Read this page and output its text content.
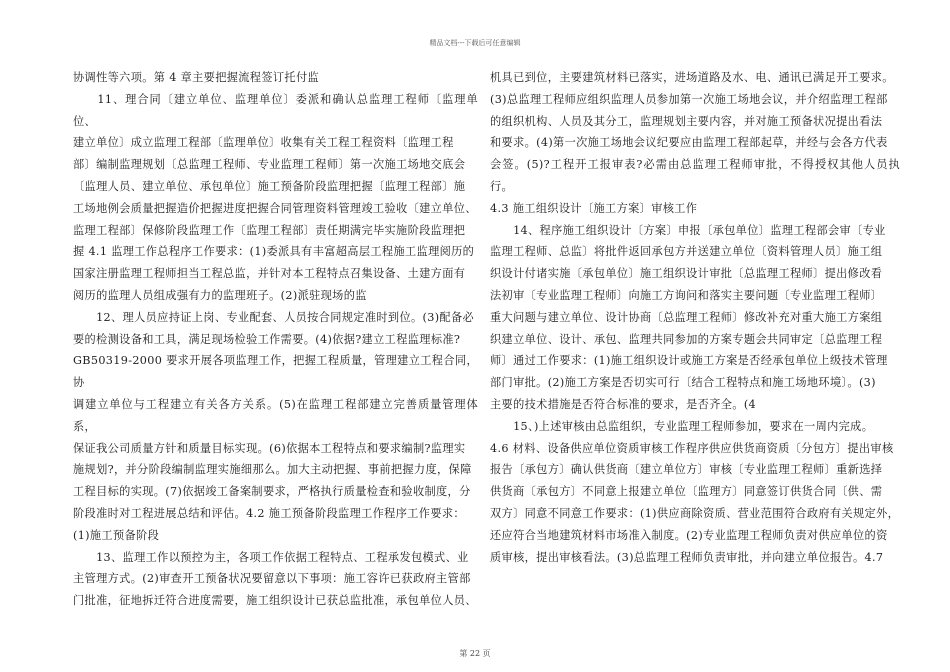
精品文档---下载后可任意编辑

协调性等六项。第 4 章主要把握流程签订托付监

　　11、理合同〔建立单位、监理单位〕委派和确认总监理工程师〔监理单位、

建立单位〕成立监理工程部〔监理单位〕收集有关工程工程资料〔监理工程

部〕编制监理规划〔总监理工程师、专业监理工程师〕第一次施工场地交底会

〔监理人员、建立单位、承包单位〕施工预备阶段监理把握〔监理工程部〕施

工场地例会质量把握造价把握进度把握合同管理资料管理竣工验收〔建立单位、

监理工程部〕保修阶段监理工作〔监理工程部〕责任期满完毕实施阶段监理把

握 4.1 监理工作总程序工作要求：(1)委派具有丰富超高层工程施工监理阅历的

国家注册监理工程师担当工程总监，并针对本工程特点召集设备、土建方面有

阅历的监理人员组成强有力的监理班子。(2)派驻现场的监

　　12、理人员应持证上岗、专业配套、人员按合同规定准时到位。(3)配备必

要的检测设备和工具，满足现场检验工作需要。(4)依据?建立工程监理标准?

GB50319-2000 要求开展各项监理工作，把握工程质量，管理建立工程合同，协

调建立单位与工程建立有关各方关系。(5)在监理工程部建立完善质量管理体系，

保证我公司质量方针和质量目标实现。(6)依据本工程特点和要求编制?监理实

施规划?，并分阶段编制监理实施细那么。加大主动把握、事前把握力度，保障

工程目标的实现。(7)依据竣工备案制要求，严格执行质量检查和验收制度，分

阶段准时对工程进展总结和评估。4.2 施工预备阶段监理工作程序工作要求：

(1)施工预备阶段

　　13、监理工作以预控为主，各项工作依据工程特点、工程承发包模式、业

主管理方式。(2)审查开工预备状况要留意以下事项：施工容许已获政府主管部

门批准，征地拆迁符合进度需要，施工组织设计已获总监批准，承包单位人员、

机具已到位，主要建筑材料已落实，进场道路及水、电、通讯已满足开工要求。

(3)总监理工程师应组织监理人员参加第一次施工场地会议，并介绍监理工程部

的组织机构、人员及其分工，监理规划主要内容，并对施工预备状况提出看法

和要求。(4)第一次施工场地会议纪要应由监理工程部起草，并经与会各方代表

会签。(5)?工程开工报审表?必需由总监理工程师审批，不得授权其他人员执行。

4.3 施工组织设计〔施工方案〕审核工作

　　14、程序施工组织设计〔方案〕申报〔承包单位〕监理工程部会审〔专业

监理工程师、总监〕将批件返回承包方并送建立单位〔资料管理人员〕施工组

织设计付诸实施〔承包单位〕施工组织设计审批〔总监理工程师〕提出修改看

法初审〔专业监理工程师〕向施工方询问和落实主要问题〔专业监理工程师〕

重大问题与建立单位、设计协商〔总监理工程师〕修改补充对重大施工方案组

织建立单位、设计、承包、监理共同参加的方案专题会共同审定〔总监理工程

师〕通过工作要求：(1)施工组织设计或施工方案是否经承包单位上级技术管理

部门审批。(2)施工方案是否切实可行〔结合工程特点和施工场地环境〕。(3)

主要的技术措施是否符合标准的要求，是否齐全。(4

　　15、)上述审核由总监组织，专业监理工程师参加，要求在一周内完成。

4.6 材料、设备供应单位资质审核工作程序供应供货商资质〔分包方〕提出审核

报告〔承包方〕确认供货商〔建立单位方〕审核〔专业监理工程师〕重新选择

供货商〔承包方〕不同意上报建立单位〔监理方〕同意签订供货合同〔供、需

双方〕同意不同意工作要求：(1)供应商除资质、营业范围符合政府有关规定外，

还应符合当地建筑材料市场准入制度。(2)专业监理工程师负责对供应单位的资

质审核，提出审核看法。(3)总监理工程师负责审批，并向建立单位报告。4.7

第 22 页
